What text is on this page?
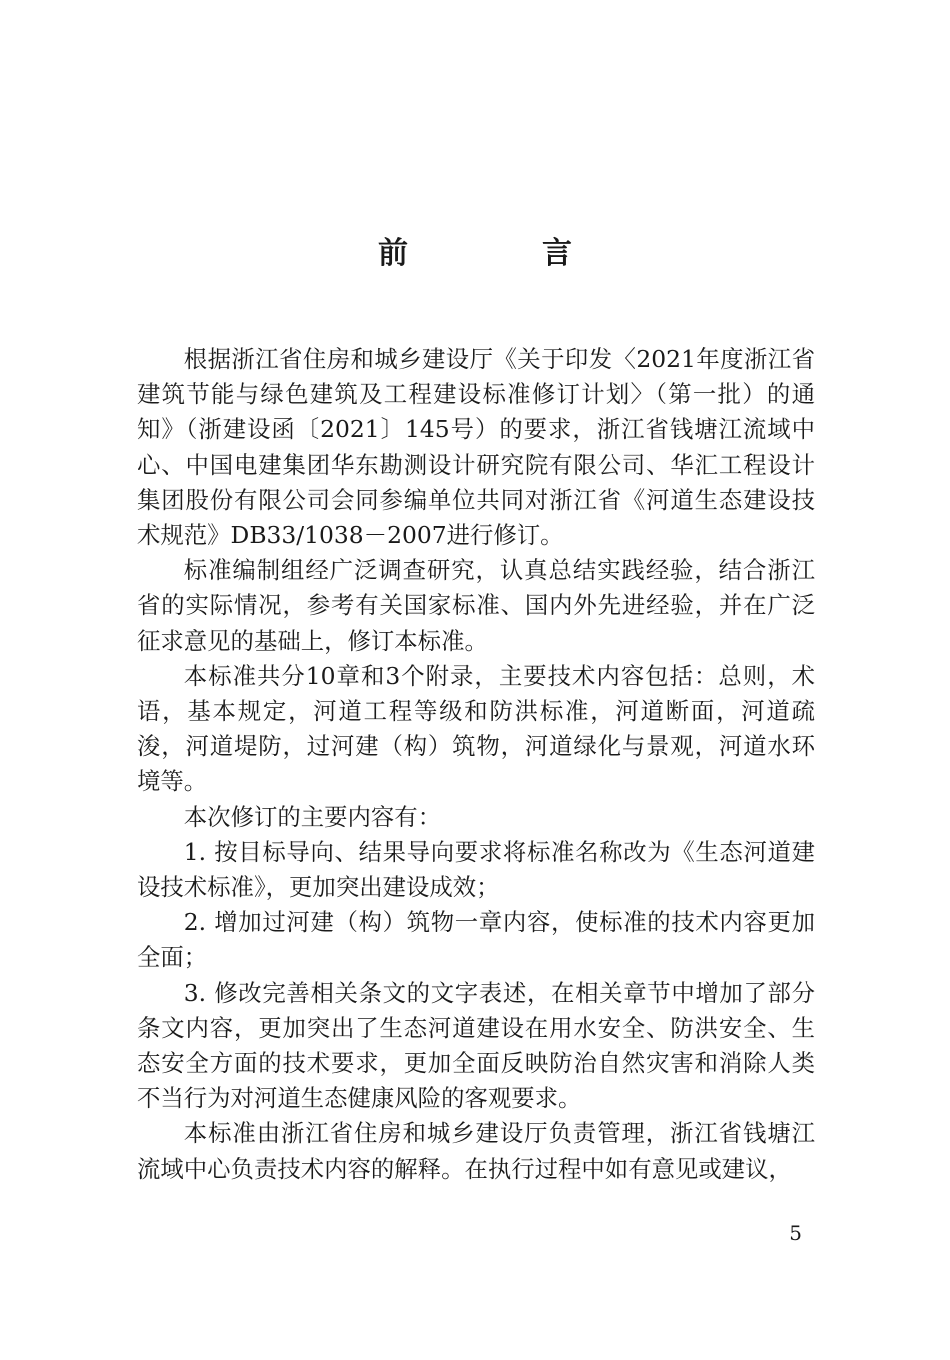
前　言

根据浙江省住房和城乡建设厅《关于印发〈2021年度浙江省建筑节能与绿色建筑及工程建设标准修订计划〉（第一批）的通知》（浙建设函〔2021〕145号）的要求，浙江省钱塘江流域中心、中国电建集团华东勘测设计研究院有限公司、华汇工程设计集团股份有限公司会同参编单位共同对浙江省《河道生态建设技术规范》DB33/1038－2007进行修订。

标准编制组经广泛调查研究，认真总结实践经验，结合浙江省的实际情况，参考有关国家标准、国内外先进经验，并在广泛征求意见的基础上，修订本标准。

本标准共分10章和3个附录，主要技术内容包括：总则，术语，基本规定，河道工程等级和防洪标准，河道断面，河道疏浚，河道堤防，过河建（构）筑物，河道绿化与景观，河道水环境等。

本次修订的主要内容有：

1. 按目标导向、结果导向要求将标准名称改为《生态河道建设技术标准》，更加突出建设成效；

2. 增加过河建（构）筑物一章内容，使标准的技术内容更加全面；

3. 修改完善相关条文的文字表述，在相关章节中增加了部分条文内容，更加突出了生态河道建设在用水安全、防洪安全、生态安全方面的技术要求，更加全面反映防治自然灾害和消除人类不当行为对河道生态健康风险的客观要求。

本标准由浙江省住房和城乡建设厅负责管理，浙江省钱塘江流域中心负责技术内容的解释。在执行过程中如有意见或建议，

5
